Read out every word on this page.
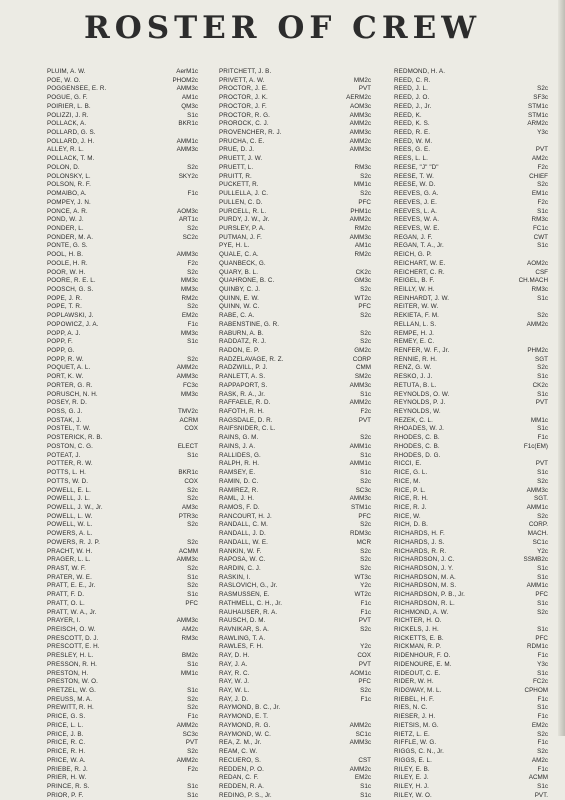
ROSTER OF CREW
PLUIM, A. W.	AerM1c
POE, W. O.	PHOM2c
POGGENSEE, E. R.	AMM3c
POGUE, G. F.	AM1c
POIRIER, L. B.	QM3c
POLIZZI, J. R.	S1c
POLLACK, A.	BKR1c
POLLARD, G. S.
POLLARD, J. H.	AMM1c
ALLEY, R. L.	AMM3c
POLLACK, T. M.
POLON, D.	S2c
POLONSKY, L.	SKY2c
POLSON, R. F.
POMAIBO, A.	F1c
POMPEY, J. N.
PONCE, A. R.	AOM3c
POND, W. J.	ART1c
PONDER, L.	S2c
PONDER, M. A.	SC2c
PONTE, G. S.
POOL, H. B.	AMM3c
POOLE, H. R.	F2c
POOR, W. H.	S2c
POORE, R. E. L.	MM3c
POOSCH, G. S.	MM3c
POPE, J. R.	RM2c
POPE, T. R.	S2c
POPLAWSKI, J.	EM2c
POPOWICZ, J. A.	F1c
POPP, A. J.	MM3c
POPP, F.	S1c
POPP, G.
POPP, R. W.	S2c
POQUET, A. L.	AMM2c
PORT, K. W.	AMM3c
PORTER, G. R.	FC3c
PORUSCH, N. H.	MM3c
POSEY, R. D.
POSS, G. J.	TMV2c
POSTAK, J.	ACRM
POSTEL, T. W.	COX
POSTERICK, R. B.
POSTON, C. G.	ELECT
POTEAT, J.	S1c
POTTER, R. W.
POTTS, L. H.	BKR1c
POTTS, W. D.	COX
POWELL, E. L.	S2c
POWELL, J. L.	S2c
POWELL, J. W., Jr.	AM3c
POWELL, L. W.	PTR3c
POWELL, W. L.	S2c
POWERS, A. L.
POWERS, R. J. P.	S2c
PRACHT, W. H.	ACMM
PRAGER, L. L.	AMM3c
PRAST, W. F.	S2c
PRATER, W. E.	S1c
PRATT, E. E., Jr.	S2c
PRATT, F. D.	S1c
PRATT, O. L.	PFC
PRATT, W. A., Jr.
PRAYER, I.	AMM3c
PREISCH, O. W.	AM2c
PRESCOTT, D. J.	RM3c
PRESCOTT, E. H.
PRESLEY, H. L.	BM2c
PRESSON, R. H.	S1c
PRESTON, H.	MM1c
PRESTON, W. O.
PRETZEL, W. G.	S1c
PREUSS, M. A.	S2c
PREWITT, R. H.	S2c
PRICE, G. S.	F1c
PRICE, L. L.	AMM2c
PRICE, J. B.	SC3c
PRICE, R. C.	PVT
PRICE, R. H.	S2c
PRICE, W. A.	AMM2c
PRIEBE, R. J.	F2c
PRIER, H. W.
PRINCE, R. S.	S1c
PRIOR, P. F.	S1c
PRITCHETT, J. B.
PRIVETT, A. W.	MM2c
PROCTOR, J. E.	PVT
PROCTOR, J. K.	AERM2c
PROCTOR, J. F.	AOM3c
PROCTOR, R. G.	AMM3c
PROROCK, C. J.	AMM2c
PROVENCHER, R. J.	AMM3c
PRUCHA, C. E.	AMM2c
PRUE, D. J.	AMM3c
PRUETT, J. W.
PRUETT, L.	RM3c
PRUITT, R.	S2c
PUCKETT, R.	MM1c
PULLELLA, J. C.	S2c
PULLEN, C. D.	PFC
PURCELL, R. L.	PHM1c
PURDY, J. W., Jr.	AMM2c
PURSLEY, P. A.	RM2c
PUTMAN, J. F.	AMM3c
PYE, H. L.	AM1c
QUALE, C. A.	RM2c
QUANBECK, G.
QUARY, B. L.	CK2c
QUAHRONE, B. C.	GM3c
QUINBY, C. J.	S2c
QUINN, E. W.	WT2c
QUINN, W. C.	PFC
RABE, C. A.	S2c
RABENSTINE, G. R.
RABURN, A. B.	S2c
RADDATZ, R. J.	S2c
RADON, E. P.	GM2c
RADZELAVAGE, R. Z.	CORP
RADZWILL, P. J.	CMM
RANLETT, A. S.	SM2c
RAPPAPORT, S.	AMM3c
RASK, R. A., Jr.	S1c
RAFFAELE, R. D.	AMM2c
RAFOTH, R. H.	F2c
RAGSDALE, D. R.	PVT
RAIFSNIDER, C. L.
RAINS, G. M.	S2c
RAINS, J. A.	AMM1c
RALLIDES, G.	S1c
RALPH, R. H.	AMM1c
RAMSEY, E.	S1c
RAMIN, D. C.	S2c
RAMIREZ, R.	SC3c
RAML, J. H.	AMM3c
RAMOS, F. D.	STM1c
RANCOURT, H. J.	PFC
RANDALL, C. M.	S2c
RANDALL, J. D.	RDM3c
RANDALL, W. E.	MCR
RANKIN, W. F.	S2c
RAPOSA, W. C.	S2c
RARDIN, C. J.	S2c
RASKIN, I.	WT3c
RASLOVICH, G., Jr.	Y2c
RASMUSSEN, E.	WT2c
RATHMELL, C. H., Jr.	F1c
RAUHAUSER, R. A.	F1c
RAUSCH, D. M.	PVT
RAVNIKAR, S. A.	S2c
RAWLING, T. A.
RAWLES, F. H.	Y2c
RAY, D. H.	COX
RAY, J. A.	PVT
RAY, R. C.	AOM1c
RAY, W. J.	PFC
RAY, W. L.	S2c
RAY, J. D.	F1c
RAYMOND, B. C., Jr.
RAYMOND, E. T.
RAYMOND, R. G.	AMM2c
RAYMOND, W. C.	SC1c
REA, Z. M., Jr.	AMM3c
REAM, C. W.
RECUERO, S.	CST
REDDEN, P. O.	AMM2c
REDAN, C. F.	EM2c
REDDEN, R. A.	S1c
REDING, P. S., Jr.	S1c
REDMOND, H. A.
REED, C. R.
REED, J. L.	S2c
REED, J. O.	SF3c
REED, J., Jr.	STM1c
REED, K.	STM1c
REED, K. S.	ARM2c
REED, R. E.	Y3c
REED, W. M.
REES, G. E.	PVT
REES, L. L.	AM2c
REESE, "J" "D"	F2c
REESE, T. W.	CHIEF
REESE, W. D.	S2c
REEVES, G. A.	EM1c
REEVES, J. E.	F2c
REEVES, L. A.	S1c
REEVES, W. A.	RM3c
REEVES, W. E.	FC1c
REGAN, J. F.	CWT
REGAN, T. A., Jr.	S1c
REICH, G. P.
REICHART, W. E.	AOM2c
REICHERT, C. R.	CSF
REIGEL, B. F.	CH.MACH
REILLY, W. H.	RM3c
REINHARDT, J. W.	S1c
REITER, W. W.
REKIETA, F. M.	S2c
RELLAN, L. S.	AMM2c
REMPE, H. J.
REMEY, E. C.
RENFER, W. F., Jr.	PHM2c
RENNIE, R. H.	SGT
RENZ, G. W.	S2c
RESKO, J. J.	S1c
RETUTA, B. L.	CK2c
REYNOLDS, O. W.	S1c
REYNOLDS, P. J.	PVT
REYNOLDS, W.
REZEK, C. L.	MM1c
RHOADES, W. J.	S1c
RHODES, C. B.	F1c
RHODES, C. B.	F1c(EM)
RHODES, D. G.
RICCI, E.	PVT
RICE, G. L.	S1c
RICE, M.	S2c
RICE, P. L.	AMM3c
RICE, R. H.	SGT.
RICE, R. J.	AMM1c
RICE, W.	S2c
RICH, D. B.	CORP.
RICHARDS, H. F.	MACH.
RICHARDS, J. S.	SC1c
RICHARDS, R. R.	Y2c
RICHARDSON, J. C.	SSMB2c
RICHARDSON, J. Y.	S1c
RICHARDSON, M. A.	S1c
RICHARDSON, M. S.	AMM1c
RICHARDSON, P. B., Jr.	PFC
RICHARDSON, R. L.	S1c
RICHMOND, A. W.	S2c
RICHTER, H. O.
RICKELS, J. H.	S1c
RICKETTS, E. B.	PFC
RICKMAN, R. P.	RDM1c
RIDENHOUR, F. O.	F1c
RIDENOURE, E. M.	Y3c
RIDEOUT, C. E.	S1c
RIDER, W. H.	FC2c
RIDGWAY, M. L.	CPHOM
RIEBEL, H. F.	F1c
RIES, N. C.	S1c
RIESER, J. H.	F1c
RIETSIS, M. G.	EM2c
RIETZ, L. E.	S2c
RIFFLE, W. G.	F1c
RIGGS, C. N., Jr.	S2c
RIGGS, E. L.	AM2c
RILEY, E. B.	F1c
RILEY, E. J.	ACMM
RILEY, H. J.	S1c
RILEY, W. O.	PVT.
